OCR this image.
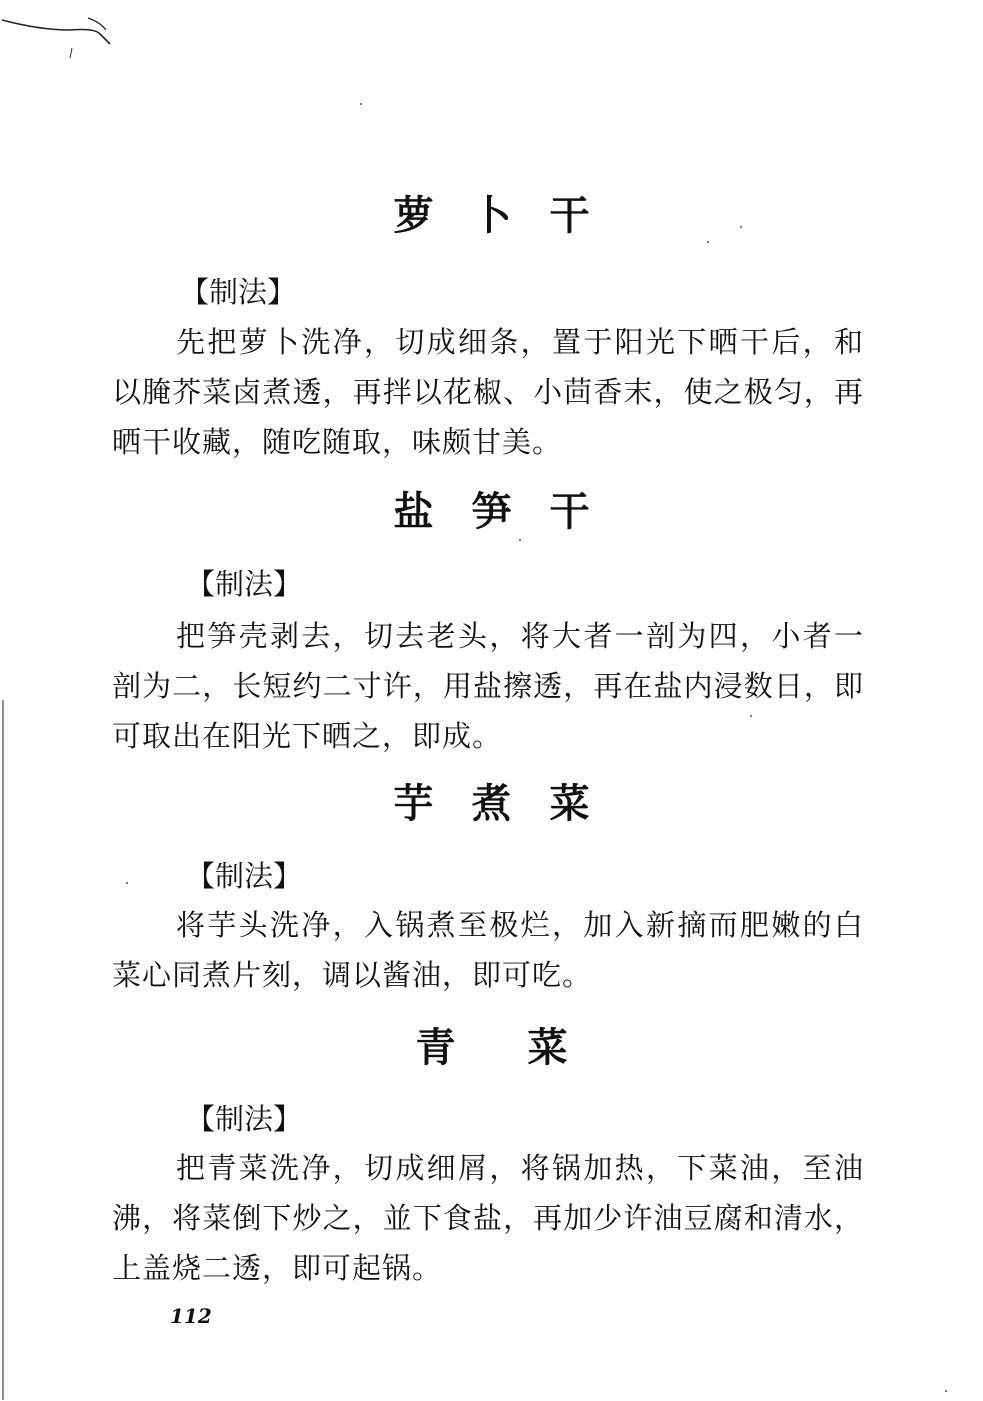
萝 卜 干

【制法】

先把萝卜洗净，切成细条，置于阳光下晒干后，和以腌芥菜卤煮透，再拌以花椒、小茴香末，使之极匀，再晒干收藏，随吃随取，味颇甘美。

盐 笋 干

【制法】

把笋壳剥去，切去老头，将大者一剖为四，小者一剖为二，长短约二寸许，用盐擦透，再在盐内浸数日，即可取出在阳光下晒之，即成。

芋 煮 菜

【制法】

将芋头洗净，入锅煮至极烂，加入新摘而肥嫩的白菜心同煮片刻，调以酱油，即可吃。

青 菜

【制法】

把青菜洗净，切成细屑，将锅加热，下菜油，至油沸，将菜倒下炒之，並下食盐，再加少许油豆腐和清水，上盖烧二透，即可起锅。

112
